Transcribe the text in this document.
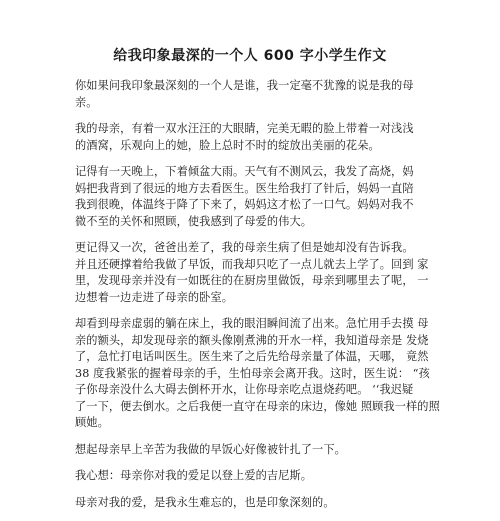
给我印象最深的一个人 600 字小学生作文
你如果问我印象最深刻的一个人是谁，我一定毫不犹豫的说是我的母
亲。
我的母亲，有着一双水汪汪的大眼睛，完美无暇的脸上带着一对浅浅
的酒窝，乐观向上的她，脸上总时不时的绽放出美丽的花朵。
记得有一天晚上，下着倾盆大雨。天气有不测风云，我发了高烧，妈
妈把我背到了很远的地方去看医生。医生给我打了针后，妈妈一直陪
我到很晚，体温终于降了下来了，妈妈这才松了一口气。妈妈对我不
微不至的关怀和照顾，使我感到了母爱的伟大。
更记得又一次，爸爸出差了，我的母亲生病了但是她却没有告诉我。
并且还硬撑着给我做了早饭，而我却只吃了一点儿就去上学了。回到 家
里，发现母亲并没有一如既往的在厨房里做饭，母亲到哪里去了呢， 一
边想着一边走进了母亲的卧室。
却看到母亲虚弱的躺在床上，我的眼泪瞬间流了出来。急忙用手去摸 母
亲的额头，却发现母亲的额头像刚煮沸的开水一样，我知道母亲是 发烧
了，急忙打电话叫医生。医生来了之后先给母亲量了体温，天哪， 竟然
38 度我紧张的握着母亲的手，生怕母亲会离开我。这时，医生说： “孩
子你母亲没什么大碍去倒杯开水，让你母亲吃点退烧药吧。 ‘‘我迟疑
了一下，便去倒水。之后我便一直守在母亲的床边，像她 照顾我一样的照
顾她。
想起母亲早上辛苦为我做的早饭心好像被针扎了一下。
我心想：母亲你对我的爱足以登上爱的吉尼斯。
母亲对我的爱，是我永生难忘的，也是印象深刻的。
